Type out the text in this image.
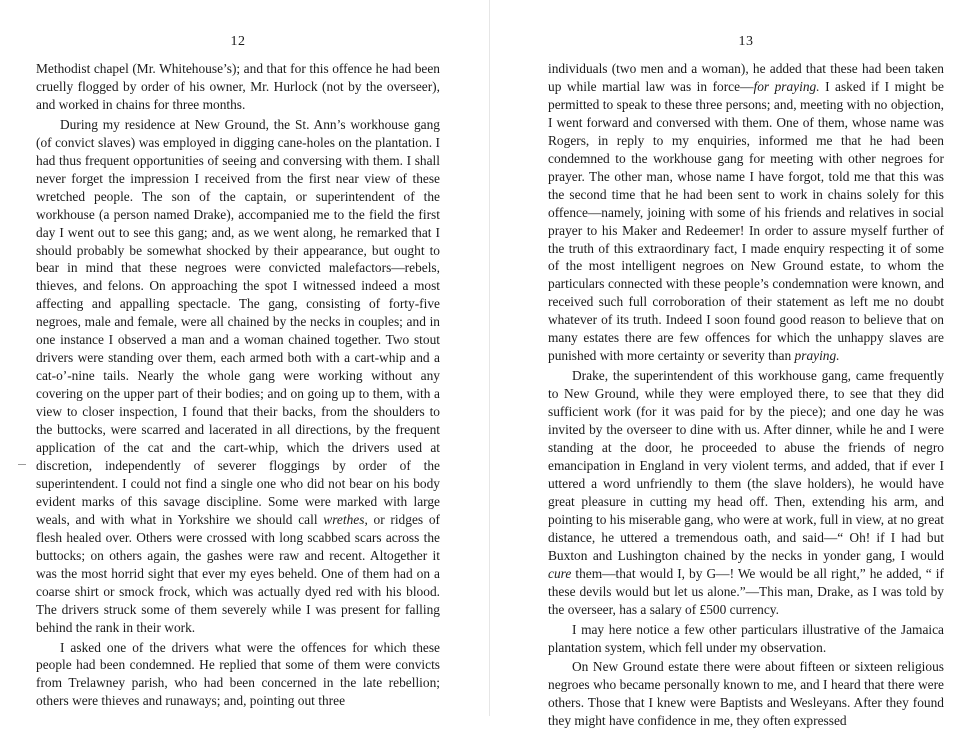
12

Methodist chapel (Mr. Whitehouse’s); and that for this offence he had been cruelly flogged by order of his owner, Mr. Hurlock (not by the overseer), and worked in chains for three months.

During my residence at New Ground, the St. Ann’s workhouse gang (of convict slaves) was employed in digging cane-holes on the plantation. I had thus frequent opportunities of seeing and conversing with them. I shall never forget the impression I received from the first near view of these wretched people. The son of the captain, or superintendent of the workhouse (a person named Drake), accompanied me to the field the first day I went out to see this gang; and, as we went along, he remarked that I should probably be somewhat shocked by their appearance, but ought to bear in mind that these negroes were convicted malefactors—rebels, thieves, and felons. On approaching the spot I witnessed indeed a most affecting and appalling spectacle. The gang, consisting of forty-five negroes, male and female, were all chained by the necks in couples; and in one instance I observed a man and a woman chained together. Two stout drivers were standing over them, each armed both with a cart-whip and a cat-o’-nine tails. Nearly the whole gang were working without any covering on the upper part of their bodies; and on going up to them, with a view to closer inspection, I found that their backs, from the shoulders to the buttocks, were scarred and lacerated in all directions, by the frequent application of the cat and the cart-whip, which the drivers used at discretion, independently of severer floggings by order of the superintendent. I could not find a single one who did not bear on his body evident marks of this savage discipline. Some were marked with large weals, and with what in Yorkshire we should call wrethes, or ridges of flesh healed over. Others were crossed with long scabbed scars across the buttocks; on others again, the gashes were raw and recent. Altogether it was the most horrid sight that ever my eyes beheld. One of them had on a coarse shirt or smock frock, which was actually dyed red with his blood. The drivers struck some of them severely while I was present for falling behind the rank in their work.

I asked one of the drivers what were the offences for which these people had been condemned. He replied that some of them were convicts from Trelawney parish, who had been concerned in the late rebellion; others were thieves and runaways; and, pointing out three

13

individuals (two men and a woman), he added that these had been taken up while martial law was in force—for praying. I asked if I might be permitted to speak to these three persons; and, meeting with no objection, I went forward and conversed with them. One of them, whose name was Rogers, in reply to my enquiries, informed me that he had been condemned to the workhouse gang for meeting with other negroes for prayer. The other man, whose name I have forgot, told me that this was the second time that he had been sent to work in chains solely for this offence—namely, joining with some of his friends and relatives in social prayer to his Maker and Redeemer! In order to assure myself further of the truth of this extraordinary fact, I made enquiry respecting it of some of the most intelligent negroes on New Ground estate, to whom the particulars connected with these people’s condemnation were known, and received such full corroboration of their statement as left me no doubt whatever of its truth. Indeed I soon found good reason to believe that on many estates there are few offences for which the unhappy slaves are punished with more certainty or severity than praying.

Drake, the superintendent of this workhouse gang, came frequently to New Ground, while they were employed there, to see that they did sufficient work (for it was paid for by the piece); and one day he was invited by the overseer to dine with us. After dinner, while he and I were standing at the door, he proceeded to abuse the friends of negro emancipation in England in very violent terms, and added, that if ever I uttered a word unfriendly to them (the slave holders), he would have great pleasure in cutting my head off. Then, extending his arm, and pointing to his miserable gang, who were at work, full in view, at no great distance, he uttered a tremendous oath, and said—“ Oh! if I had but Buxton and Lushington chained by the necks in yonder gang, I would cure them—that would I, by G—! We would be all right,” he added, “ if these devils would but let us alone.”—This man, Drake, as I was told by the overseer, has a salary of £500 currency.

I may here notice a few other particulars illustrative of the Jamaica plantation system, which fell under my observation.

On New Ground estate there were about fifteen or sixteen religious negroes who became personally known to me, and I heard that there were others. Those that I knew were Baptists and Wesleyans. After they found they might have confidence in me, they often expressed
